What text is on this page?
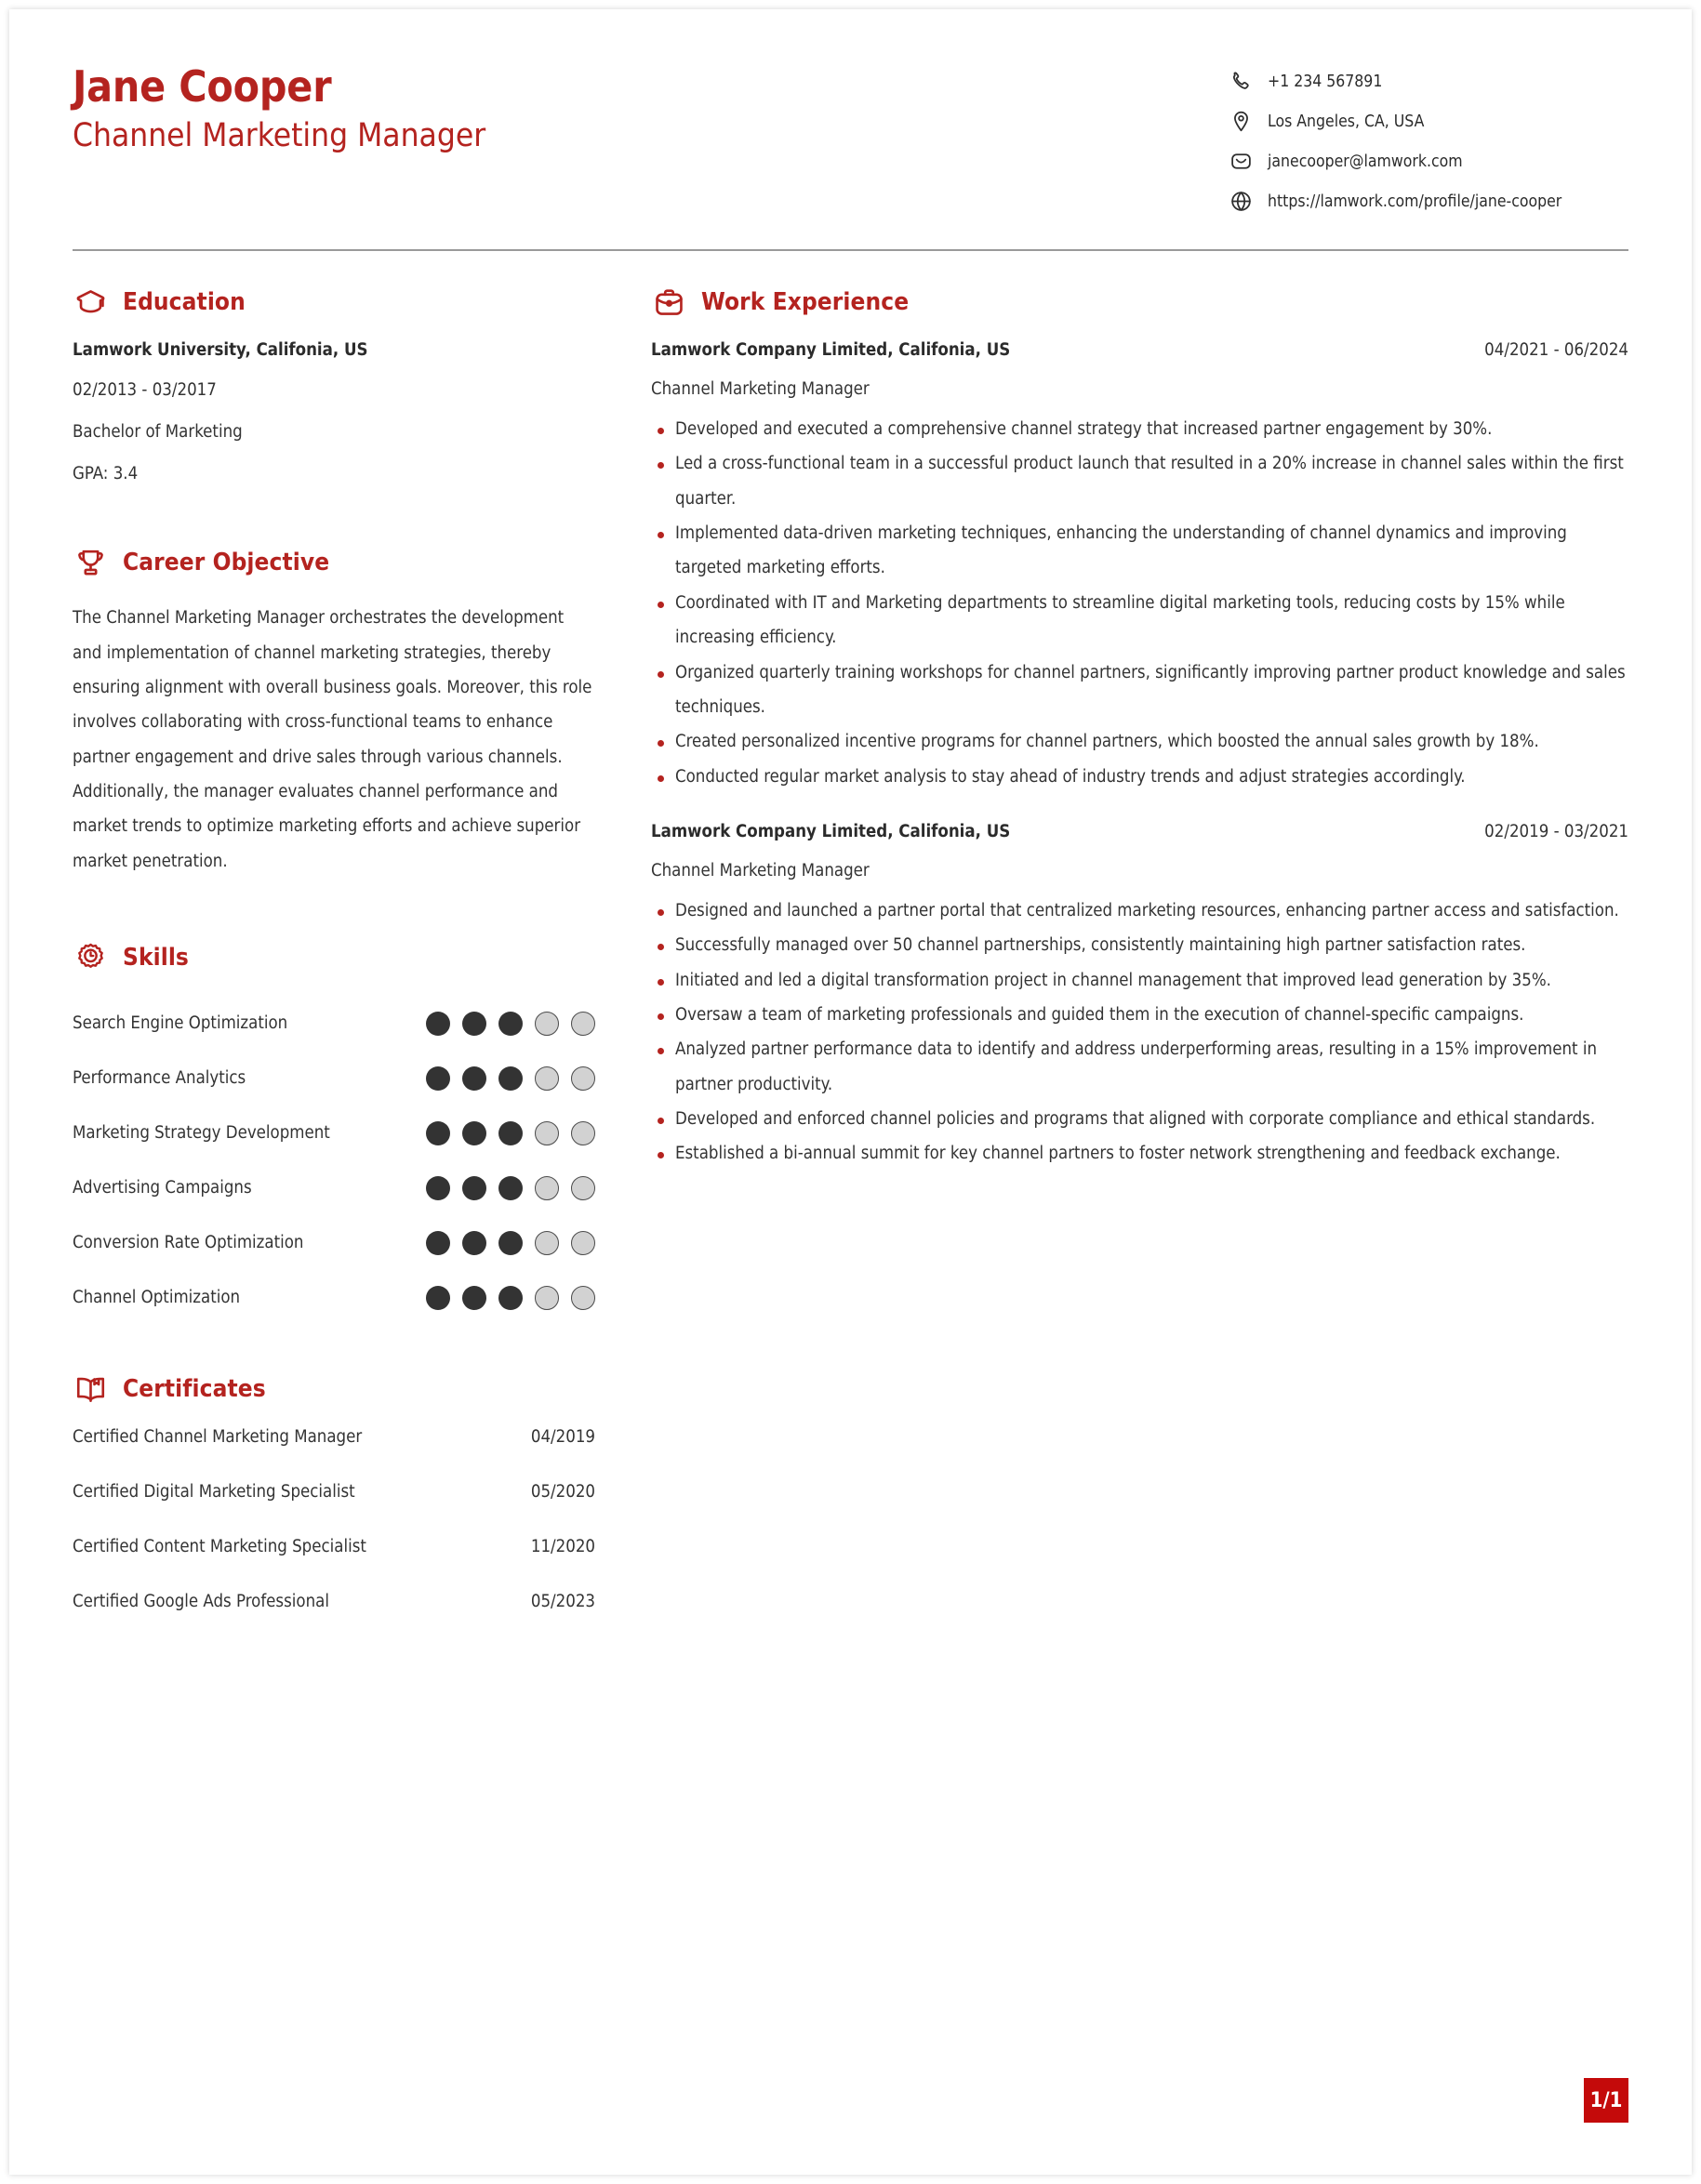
Jane Cooper
Channel Marketing Manager
+1 234 567891
Los Angeles, CA, USA
janecooper@lamwork.com
https://lamwork.com/profile/jane-cooper
Education
Lamwork University, Califonia, US
02/2013 - 03/2017
Bachelor of Marketing
GPA: 3.4
Career Objective

The Channel Marketing Manager orchestrates the development and implementation of channel marketing strategies, thereby ensuring alignment with overall business goals. Moreover, this role involves collaborating with cross-functional teams to enhance partner engagement and drive sales through various channels. Additionally, the manager evaluates channel performance and market trends to optimize marketing efforts and achieve superior market penetration.

Skills
Search Engine Optimization
Performance Analytics
Marketing Strategy Development
Advertising Campaigns
Conversion Rate Optimization
Channel Optimization
Certificates
Certified Channel Marketing Manager	04/2019
Certified Digital Marketing Specialist	05/2020
Certified Content Marketing Specialist	11/2020
Certified Google Ads Professional	05/2023
Work Experience
Lamwork Company Limited, Califonia, US	04/2021 - 06/2024
Channel Marketing Manager
Developed and executed a comprehensive channel strategy that increased partner engagement by 30%.
Led a cross-functional team in a successful product launch that resulted in a 20% increase in channel sales within the first quarter.
Implemented data-driven marketing techniques, enhancing the understanding of channel dynamics and improving targeted marketing efforts.
Coordinated with IT and Marketing departments to streamline digital marketing tools, reducing costs by 15% while increasing efficiency.
Organized quarterly training workshops for channel partners, significantly improving partner product knowledge and sales techniques.
Created personalized incentive programs for channel partners, which boosted the annual sales growth by 18%.
Conducted regular market analysis to stay ahead of industry trends and adjust strategies accordingly.
Lamwork Company Limited, Califonia, US	02/2019 - 03/2021
Channel Marketing Manager
Designed and launched a partner portal that centralized marketing resources, enhancing partner access and satisfaction.
Successfully managed over 50 channel partnerships, consistently maintaining high partner satisfaction rates.
Initiated and led a digital transformation project in channel management that improved lead generation by 35%.
Oversaw a team of marketing professionals and guided them in the execution of channel-specific campaigns.
Analyzed partner performance data to identify and address underperforming areas, resulting in a 15% improvement in partner productivity.
Developed and enforced channel policies and programs that aligned with corporate compliance and ethical standards.
Established a bi-annual summit for key channel partners to foster network strengthening and feedback exchange.
1/1
